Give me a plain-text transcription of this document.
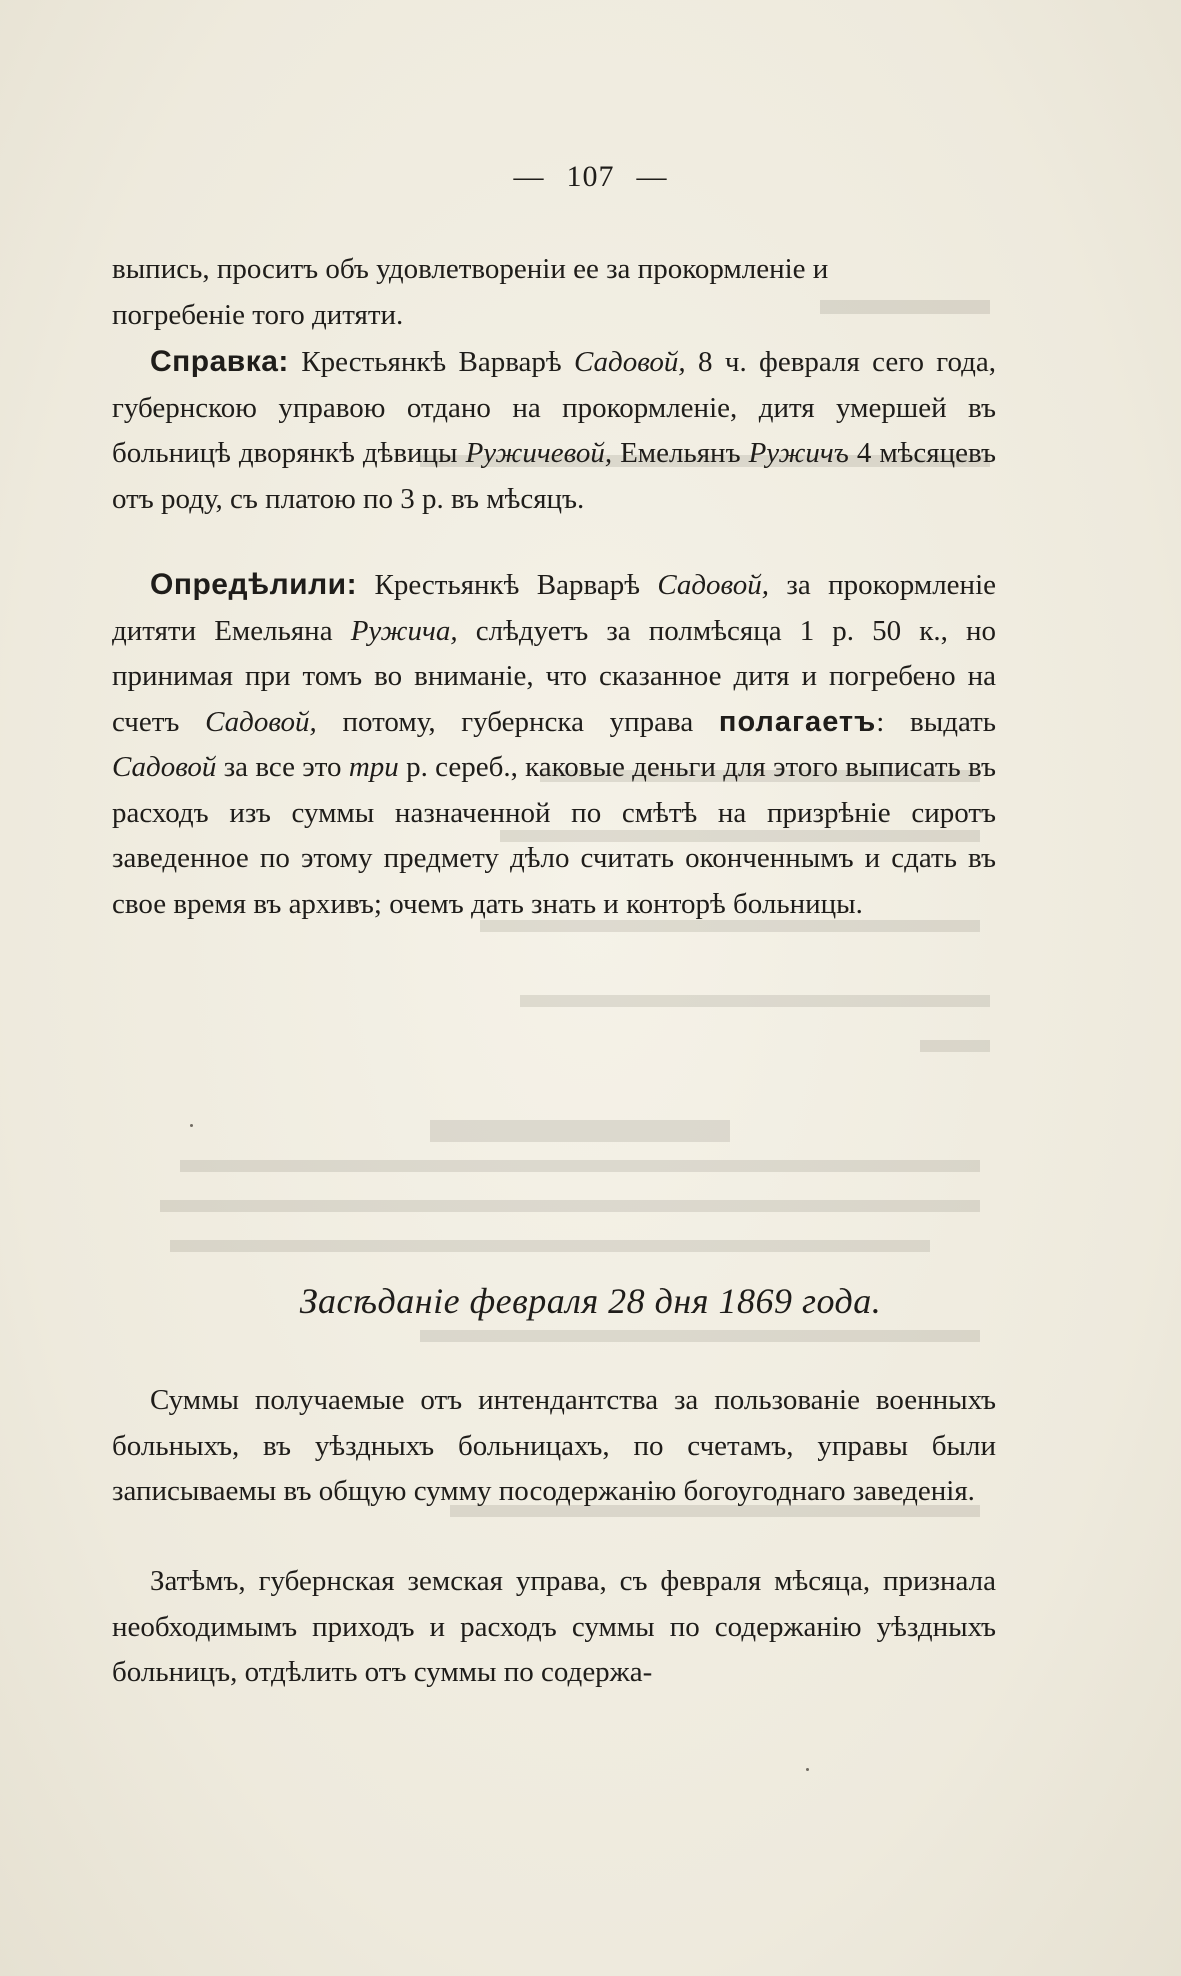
— 107 —

выпись, проситъ объ удовлетвореніи ее за прокормленіе и

погребеніе того дитяти.

Справка: Крестьянкѣ Варварѣ Садовой, 8 ч. февраля сего года, губернскою управою отдано на прокормленіе, дитя умершей въ больницѣ дворянкѣ дѣвицы Ружичевой, Емельянъ Ружичъ 4 мѣсяцевъ отъ роду, съ платою по 3 р. въ мѣсяцъ.

Опредѣлили: Крестьянкѣ Варварѣ Садовой, за прокормленіе дитяти Емельяна Ружича, слѣдуетъ за полмѣсяца 1 р. 50 к., но принимая при томъ во вниманіе, что сказанное дитя и погребено на счетъ Садовой, потому, губернска управа полагаетъ: выдать Садовой за все это три р. сереб., каковые деньги для этого выписать въ расходъ изъ суммы назначенной по смѣтѣ на призрѣніе сиротъ заведенное по этому предмету дѣло считать оконченнымъ и сдать въ свое время въ архивъ; очемъ дать знать и конторѣ больницы.

Засѣданіе февраля 28 дня 1869 года.

Суммы получаемые отъ интендантства за пользованіе военныхъ больныхъ, въ уѣздныхъ больницахъ, по счетамъ, управы были записываемы въ общую сумму посодержанію богоугоднаго заведенія.

Затѣмъ, губернская земская управа, съ февраля мѣсяца, признала необходимымъ приходъ и расходъ суммы по содержанію уѣздныхъ больницъ, отдѣлить отъ суммы по содержа-
